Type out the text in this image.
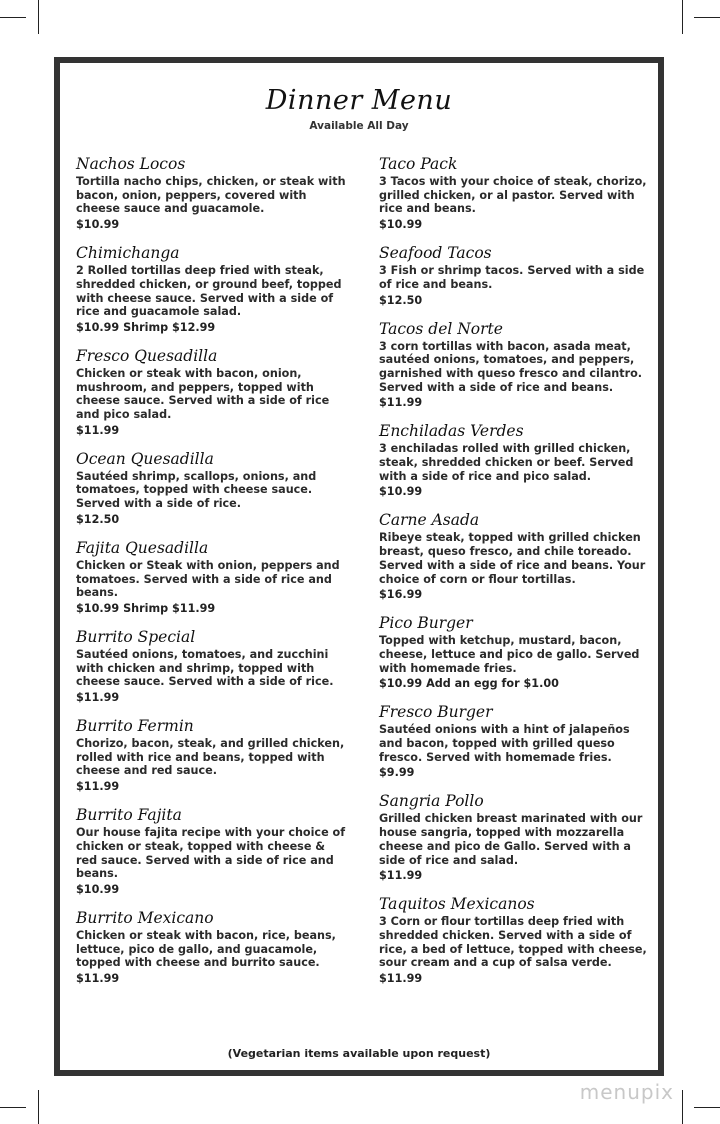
Dinner Menu
Available All Day
Nachos Locos
Tortilla nacho chips, chicken, or steak with bacon, onion, peppers, covered with cheese sauce and guacamole.
$10.99
Chimichanga
2 Rolled tortillas deep fried with steak, shredded chicken, or ground beef, topped with cheese sauce. Served with a side of rice and guacamole salad.
$10.99 Shrimp $12.99
Fresco Quesadilla
Chicken or steak with bacon, onion, mushroom, and peppers, topped with cheese sauce. Served with a side of rice and pico salad.
$11.99
Ocean Quesadilla
Sautéed shrimp, scallops, onions, and tomatoes, topped with cheese sauce. Served with a side of rice.
$12.50
Fajita Quesadilla
Chicken or Steak with onion, peppers and tomatoes. Served with a side of rice and beans.
$10.99 Shrimp $11.99
Burrito Special
Sautéed onions, tomatoes, and zucchini with chicken and shrimp, topped with cheese sauce. Served with a side of rice.
$11.99
Burrito Fermin
Chorizo, bacon, steak, and grilled chicken, rolled with rice and beans, topped with cheese and red sauce.
$11.99
Burrito Fajita
Our house fajita recipe with your choice of chicken or steak, topped with cheese & red sauce. Served with a side of rice and beans.
$10.99
Burrito Mexicano
Chicken or steak with bacon, rice, beans, lettuce, pico de gallo, and guacamole, topped with cheese and burrito sauce.
$11.99
Taco Pack
3 Tacos with your choice of steak, chorizo, grilled chicken, or al pastor. Served with rice and beans.
$10.99
Seafood Tacos
3 Fish or shrimp tacos. Served with a side of rice and beans.
$12.50
Tacos del Norte
3 corn tortillas with bacon, asada meat, sautéed onions, tomatoes, and peppers, garnished with queso fresco and cilantro. Served with a side of rice and beans.
$11.99
Enchiladas Verdes
3 enchiladas rolled with grilled chicken, steak, shredded chicken or beef. Served with a side of rice and pico salad.
$10.99
Carne Asada
Ribeye steak, topped with grilled chicken breast, queso fresco, and chile toreado. Served with a side of rice and beans. Your choice of corn or flour tortillas.
$16.99
Pico Burger
Topped with ketchup, mustard, bacon, cheese, lettuce and pico de gallo. Served with homemade fries.
$10.99 Add an egg for $1.00
Fresco Burger
Sautéed onions with a hint of jalapeños and bacon, topped with grilled queso fresco. Served with homemade fries.
$9.99
Sangria Pollo
Grilled chicken breast marinated with our house sangria, topped with mozzarella cheese and pico de Gallo. Served with a side of rice and salad.
$11.99
Taquitos Mexicanos
3 Corn or flour tortillas deep fried with shredded chicken. Served with a side of rice, a bed of lettuce, topped with cheese, sour cream and a cup of salsa verde.
$11.99
(Vegetarian items available upon request)
menupix
